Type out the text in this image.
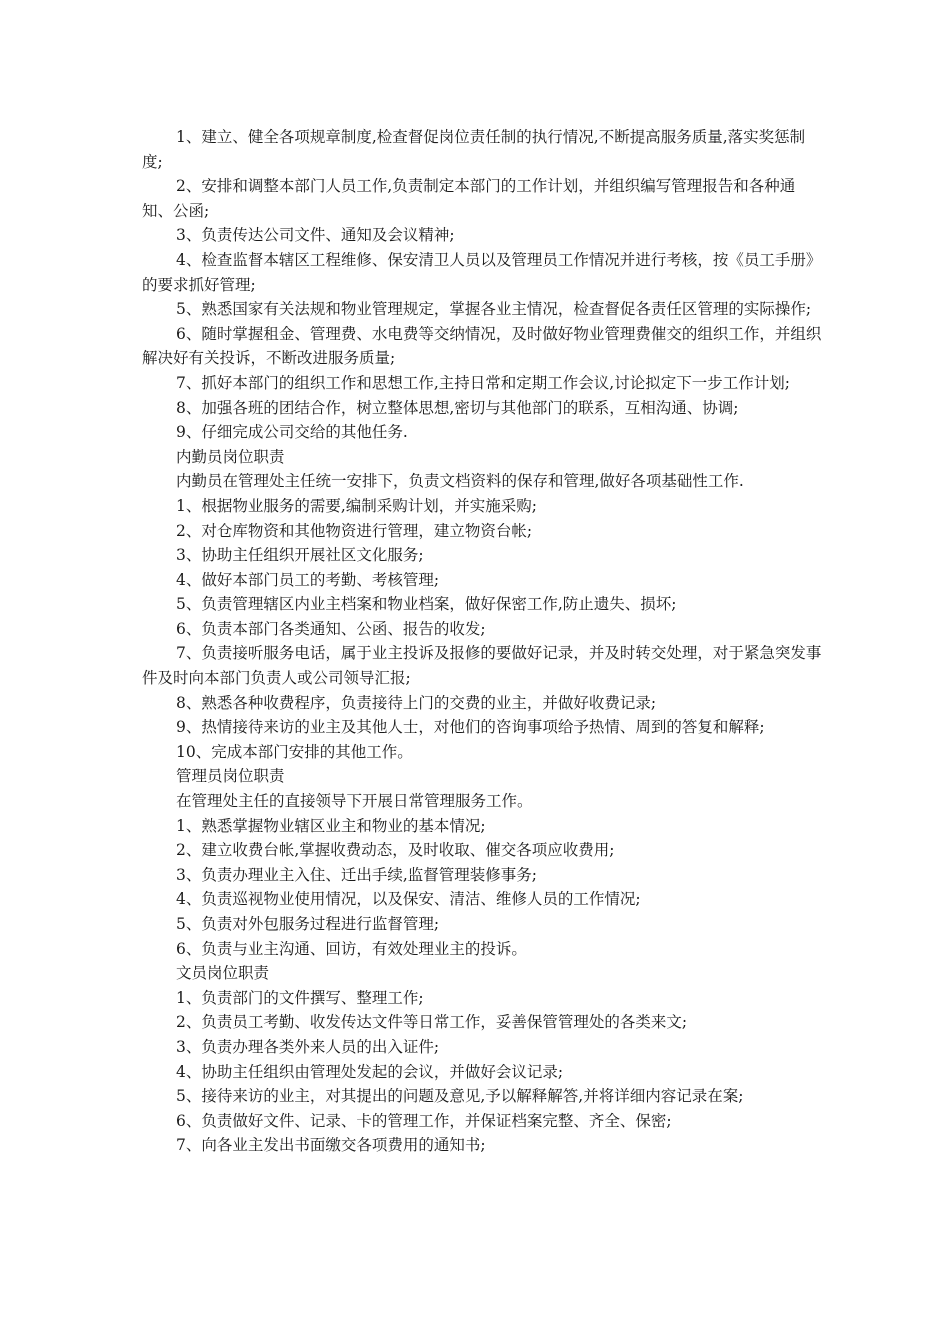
1、建立、健全各项规章制度,检查督促岗位责任制的执行情况,不断提高服务质量,落实奖惩制度;

2、安排和调整本部门人员工作,负责制定本部门的工作计划，并组织编写管理报告和各种通知、公函;

3、负责传达公司文件、通知及会议精神;

4、检查监督本辖区工程维修、保安清卫人员以及管理员工作情况并进行考核，按《员工手册》的要求抓好管理;

5、熟悉国家有关法规和物业管理规定，掌握各业主情况，检查督促各责任区管理的实际操作;

6、随时掌握租金、管理费、水电费等交纳情况，及时做好物业管理费催交的组织工作，并组织解决好有关投诉，不断改进服务质量;

7、抓好本部门的组织工作和思想工作,主持日常和定期工作会议,讨论拟定下一步工作计划;

8、加强各班的团结合作，树立整体思想,密切与其他部门的联系，互相沟通、协调;

9、仔细完成公司交给的其他任务.

内勤员岗位职责

内勤员在管理处主任统一安排下，负责文档资料的保存和管理,做好各项基础性工作.

1、根据物业服务的需要,编制采购计划，并实施采购;

2、对仓库物资和其他物资进行管理，建立物资台帐;

3、协助主任组织开展社区文化服务;

4、做好本部门员工的考勤、考核管理;

5、负责管理辖区内业主档案和物业档案，做好保密工作,防止遗失、损坏;

6、负责本部门各类通知、公函、报告的收发;

7、负责接听服务电话，属于业主投诉及报修的要做好记录，并及时转交处理，对于紧急突发事件及时向本部门负责人或公司领导汇报;

8、熟悉各种收费程序，负责接待上门的交费的业主，并做好收费记录;

9、热情接待来访的业主及其他人士，对他们的咨询事项给予热情、周到的答复和解释;

10、完成本部门安排的其他工作。

管理员岗位职责

在管理处主任的直接领导下开展日常管理服务工作。

1、熟悉掌握物业辖区业主和物业的基本情况;

2、建立收费台帐,掌握收费动态，及时收取、催交各项应收费用;

3、负责办理业主入住、迁出手续,监督管理装修事务;

4、负责巡视物业使用情况，以及保安、清洁、维修人员的工作情况;

5、负责对外包服务过程进行监督管理;

6、负责与业主沟通、回访，有效处理业主的投诉。

文员岗位职责

1、负责部门的文件撰写、整理工作;

2、负责员工考勤、收发传达文件等日常工作，妥善保管管理处的各类来文;

3、负责办理各类外来人员的出入证件;

4、协助主任组织由管理处发起的会议，并做好会议记录;

5、接待来访的业主，对其提出的问题及意见,予以解释解答,并将详细内容记录在案;

6、负责做好文件、记录、卡的管理工作，并保证档案完整、齐全、保密;

7、向各业主发出书面缴交各项费用的通知书;
